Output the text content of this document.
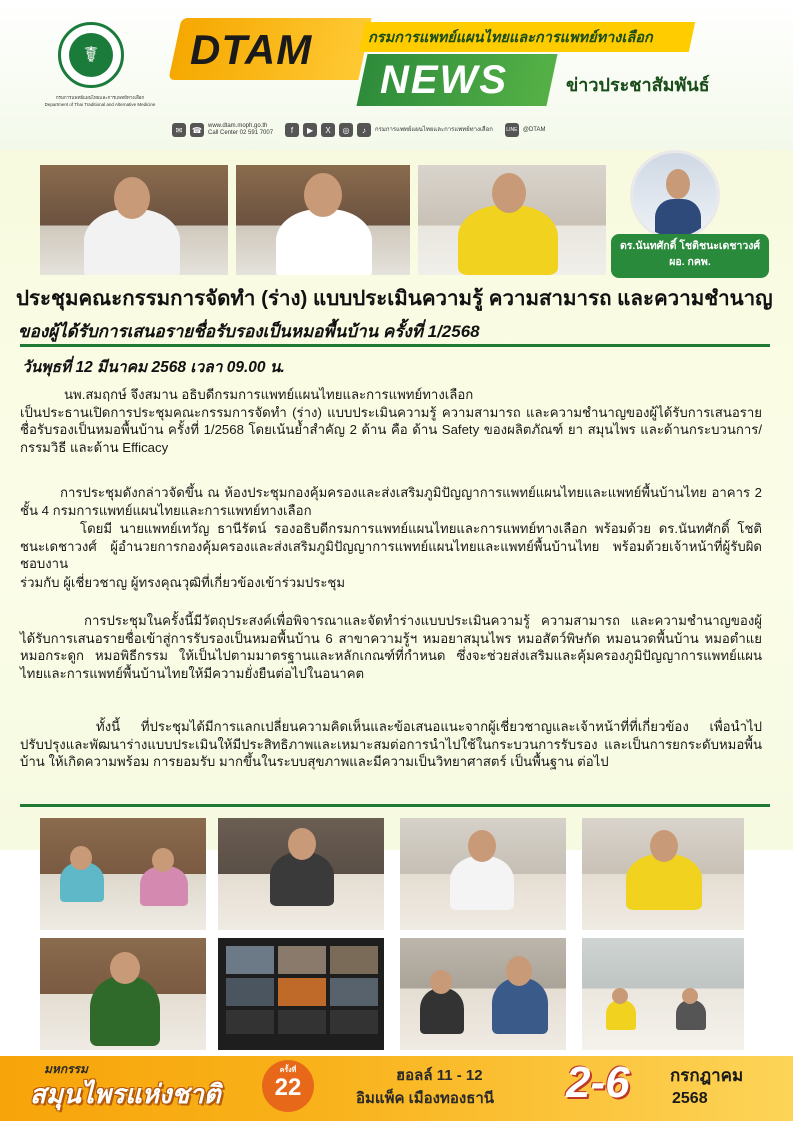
☤
กรมการแพทย์แผนไทยและการแพทย์ทางเลือก
Department of Thai Traditional and Alternative Medicine
DTAM	กรมการแพทย์แผนไทยและการแพทย์ทางเลือก
NEWS	ข่าวประชาสัมพันธ์
✉	☎	www.dtam.moph.go.th
Call Center 02 591 7007	f	▶	X	◎	♪	กรมการแพทย์แผนไทยและการแพทย์ทางเลือก	LINE @DTAM
ดร.นันทศักดิ์ โชติชนะเดชาวงศ์
ผอ. กคพ.
ประชุมคณะกรรมการจัดทำ (ร่าง) แบบประเมินความรู้ ความสามารถ และความชำนาญ
ของผู้ได้รับการเสนอรายชื่อรับรองเป็นหมอพื้นบ้าน ครั้งที่ 1/2568
วันพุธที่ 12 มีนาคม 2568 เวลา 09.00 น.
นพ.สมฤกษ์ จึงสมาน อธิบดีกรมการแพทย์แผนไทยและการแพทย์ทางเลือก
เป็นประธานเปิดการประชุมคณะกรรมการจัดทำ (ร่าง) แบบประเมินความรู้ ความสามารถ และความชำนาญของผู้ได้รับการเสนอรายชื่อรับรองเป็นหมอพื้นบ้าน ครั้งที่ 1/2568 โดยเน้นย้ำสำคัญ 2 ด้าน คือ ด้าน Safety ของผลิตภัณฑ์ ยา สมุนไพร และด้านกระบวนการ/กรรมวิธี และด้าน Efficacy
การประชุมดังกล่าวจัดขึ้น ณ ห้องประชุมกองคุ้มครองและส่งเสริมภูมิปัญญาการแพทย์แผนไทยและแพทย์พื้นบ้านไทย อาคาร 2 ชั้น 4 กรมการแพทย์แผนไทยและการแพทย์ทางเลือก
โดยมี นายแพทย์เทวัญ ธานีรัตน์ รองอธิบดีกรมการแพทย์แผนไทยและการแพทย์ทางเลือก พร้อมด้วย ดร.นันทศักดิ์ โชติชนะเดชาวงศ์ ผู้อำนวยการกองคุ้มครองและส่งเสริมภูมิปัญญาการแพทย์แผนไทยและแพทย์พื้นบ้านไทย พร้อมด้วยเจ้าหน้าที่ผู้รับผิดชอบงาน
ร่วมกับ ผู้เชี่ยวชาญ ผู้ทรงคุณวุฒิที่เกี่ยวข้องเข้าร่วมประชุม
การประชุมในครั้งนี้มีวัตถุประสงค์เพื่อพิจารณาและจัดทำร่างแบบประเมินความรู้ ความสามารถ และความชำนาญของผู้ได้รับการเสนอรายชื่อเข้าสู่การรับรองเป็นหมอพื้นบ้าน 6 สาขาความรู้ฯ หมอยาสมุนไพร หมอสัตว์พิษกัด หมอนวดพื้นบ้าน หมอตำแย หมอกระดูก หมอพิธีกรรม ให้เป็นไปตามมาตรฐานและหลักเกณฑ์ที่กำหนด ซึ่งจะช่วยส่งเสริมและคุ้มครองภูมิปัญญาการแพทย์แผนไทยและการแพทย์พื้นบ้านไทยให้มีความยั่งยืนต่อไปในอนาคต
ทั้งนี้ ที่ประชุมได้มีการแลกเปลี่ยนความคิดเห็นและข้อเสนอแนะจากผู้เชี่ยวชาญและเจ้าหน้าที่ที่เกี่ยวข้อง เพื่อนำไปปรับปรุงและพัฒนาร่างแบบประเมินให้มีประสิทธิภาพและเหมาะสมต่อการนำไปใช้ในกระบวนการรับรอง และเป็นการยกระดับหมอพื้นบ้าน ให้เกิดความพร้อม การยอมรับ มากขึ้นในระบบสุขภาพและมีความเป็นวิทยาศาสตร์ เป็นพื้นฐาน ต่อไป
มหกรรม
สมุนไพรแห่งชาติ
ครั้งที่
22	ฮอลล์ 11 - 12
อิมแพ็ค เมืองทองธานี 2-6 กรกฎาคม
2568
